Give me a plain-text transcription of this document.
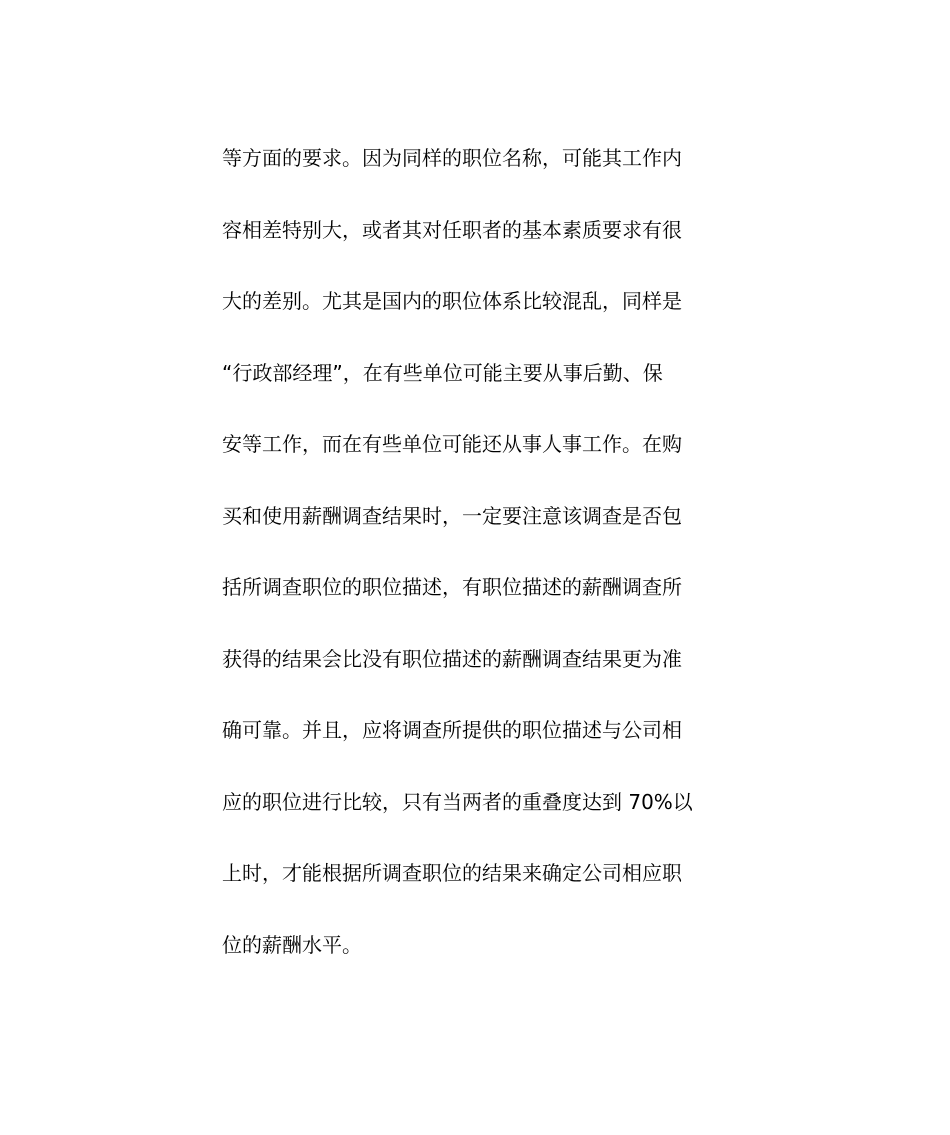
等方面的要求。因为同样的职位名称，可能其工作内
容相差特别大，或者其对任职者的基本素质要求有很
大的差别。尤其是国内的职位体系比较混乱，同样是
“行政部经理”，在有些单位可能主要从事后勤、保
安等工作，而在有些单位可能还从事人事工作。在购
买和使用薪酬调查结果时，一定要注意该调查是否包
括所调查职位的职位描述，有职位描述的薪酬调查所
获得的结果会比没有职位描述的薪酬调查结果更为准
确可靠。并且，应将调查所提供的职位描述与公司相
应的职位进行比较，只有当两者的重叠度达到 70%以
上时，才能根据所调查职位的结果来确定公司相应职
位的薪酬水平。
